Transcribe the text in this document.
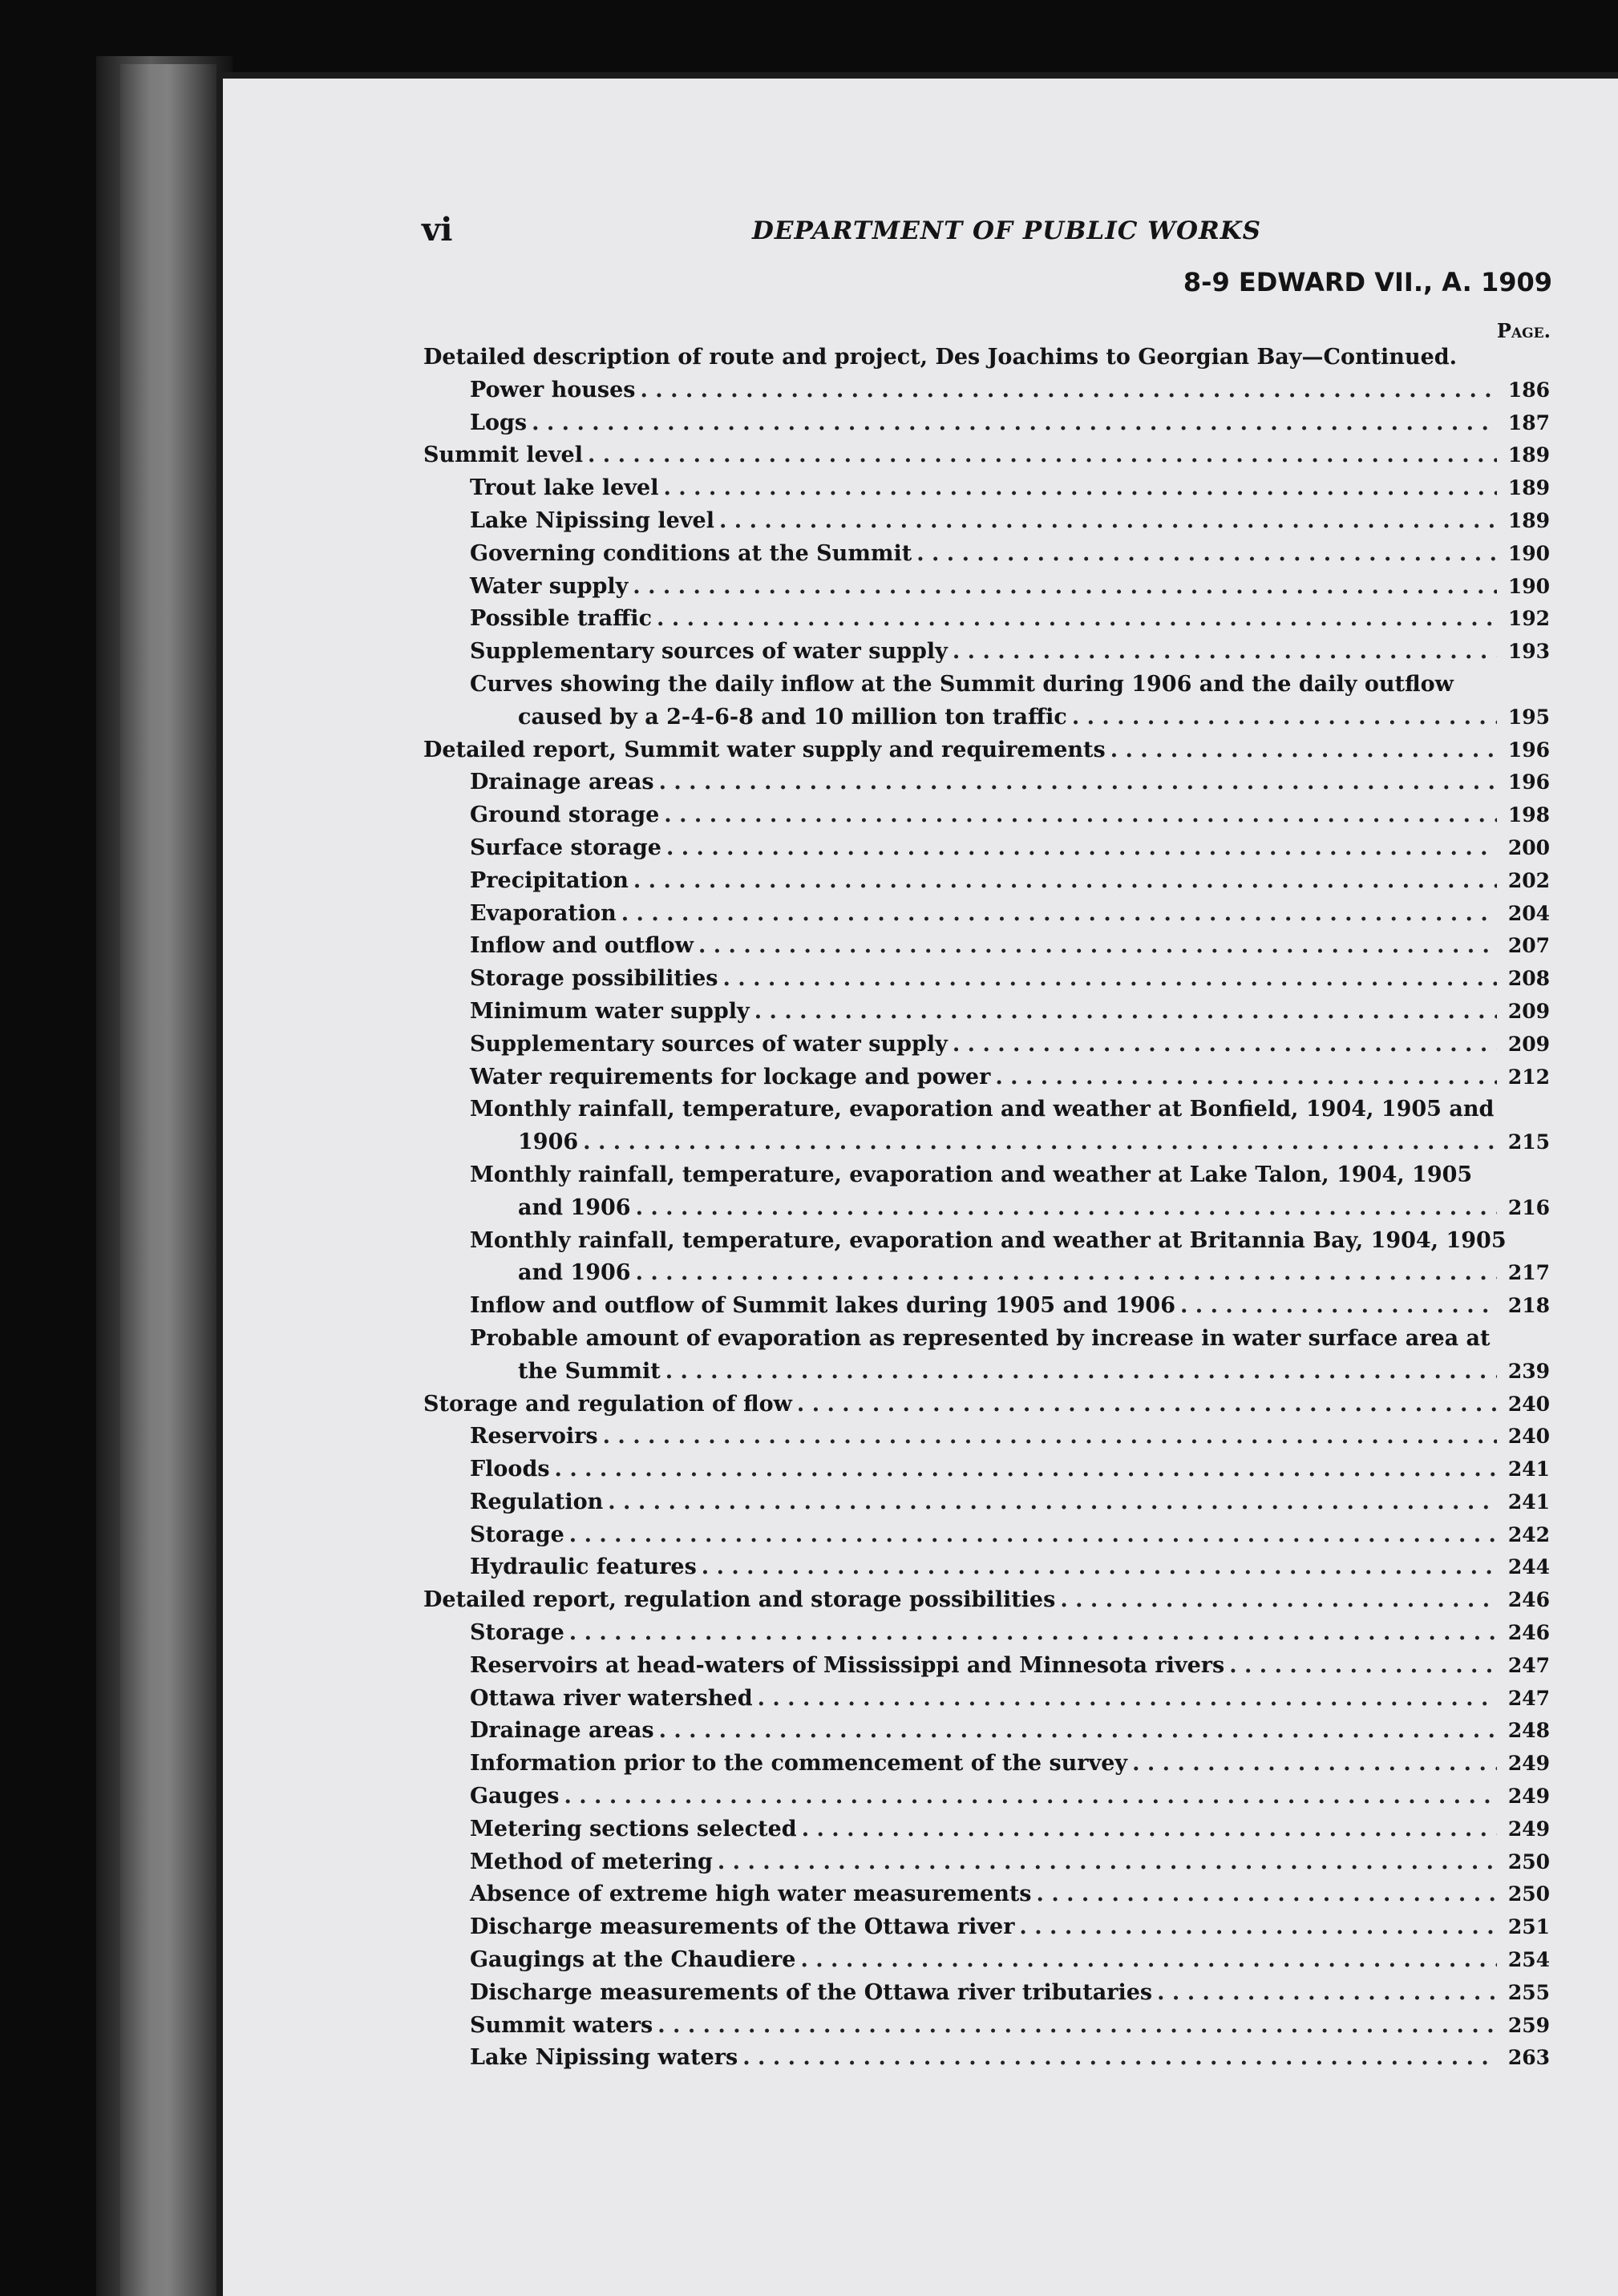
vi	DEPARTMENT OF PUBLIC WORKS
8-9 EDWARD VII., A. 1909
Page.
Detailed description of route and project, Des Joachims to Georgian Bay—Continued.
Power houses . . .	186
Logs . . .	187
Summit level . . .	189
Trout lake level . . .	189
Lake Nipissing level . . .	189
Governing conditions at the Summit . . .	190
Water supply . . .	190
Possible traffic . . .	192
Supplementary sources of water supply . . .	193
Curves showing the daily inflow at the Summit during 1906 and the daily outflow
caused by a 2-4-6-8 and 10 million ton traffic . . .	195
Detailed report, Summit water supply and requirements . . .	196
Drainage areas . . .	196
Ground storage . . .	198
Surface storage . . .	200
Precipitation . . .	202
Evaporation . . .	204
Inflow and outflow . . .	207
Storage possibilities . . .	208
Minimum water supply . . .	209
Supplementary sources of water supply . . .	209
Water requirements for lockage and power . . .	212
Monthly rainfall, temperature, evaporation and weather at Bonfield, 1904, 1905 and
1906 . . .	215
Monthly rainfall, temperature, evaporation and weather at Lake Talon, 1904, 1905
and 1906 . . .	216
Monthly rainfall, temperature, evaporation and weather at Britannia Bay, 1904, 1905
and 1906 . . .	217
Inflow and outflow of Summit lakes during 1905 and 1906 . . .	218
Probable amount of evaporation as represented by increase in water surface area at
the Summit . . .	239
Storage and regulation of flow . . .	240
Reservoirs . . .	240
Floods . . .	241
Regulation . . .	241
Storage . . .	242
Hydraulic features . . .	244
Detailed report, regulation and storage possibilities . . .	246
Storage . . .	246
Reservoirs at head-waters of Mississippi and Minnesota rivers . . .	247
Ottawa river watershed . . .	247
Drainage areas . . .	248
Information prior to the commencement of the survey . . .	249
Gauges . . .	249
Metering sections selected . . .	249
Method of metering . . .	250
Absence of extreme high water measurements . . .	250
Discharge measurements of the Ottawa river . . .	251
Gaugings at the Chaudiere . . .	254
Discharge measurements of the Ottawa river tributaries . . .	255
Summit waters . . .	259
Lake Nipissing waters . . .	263
